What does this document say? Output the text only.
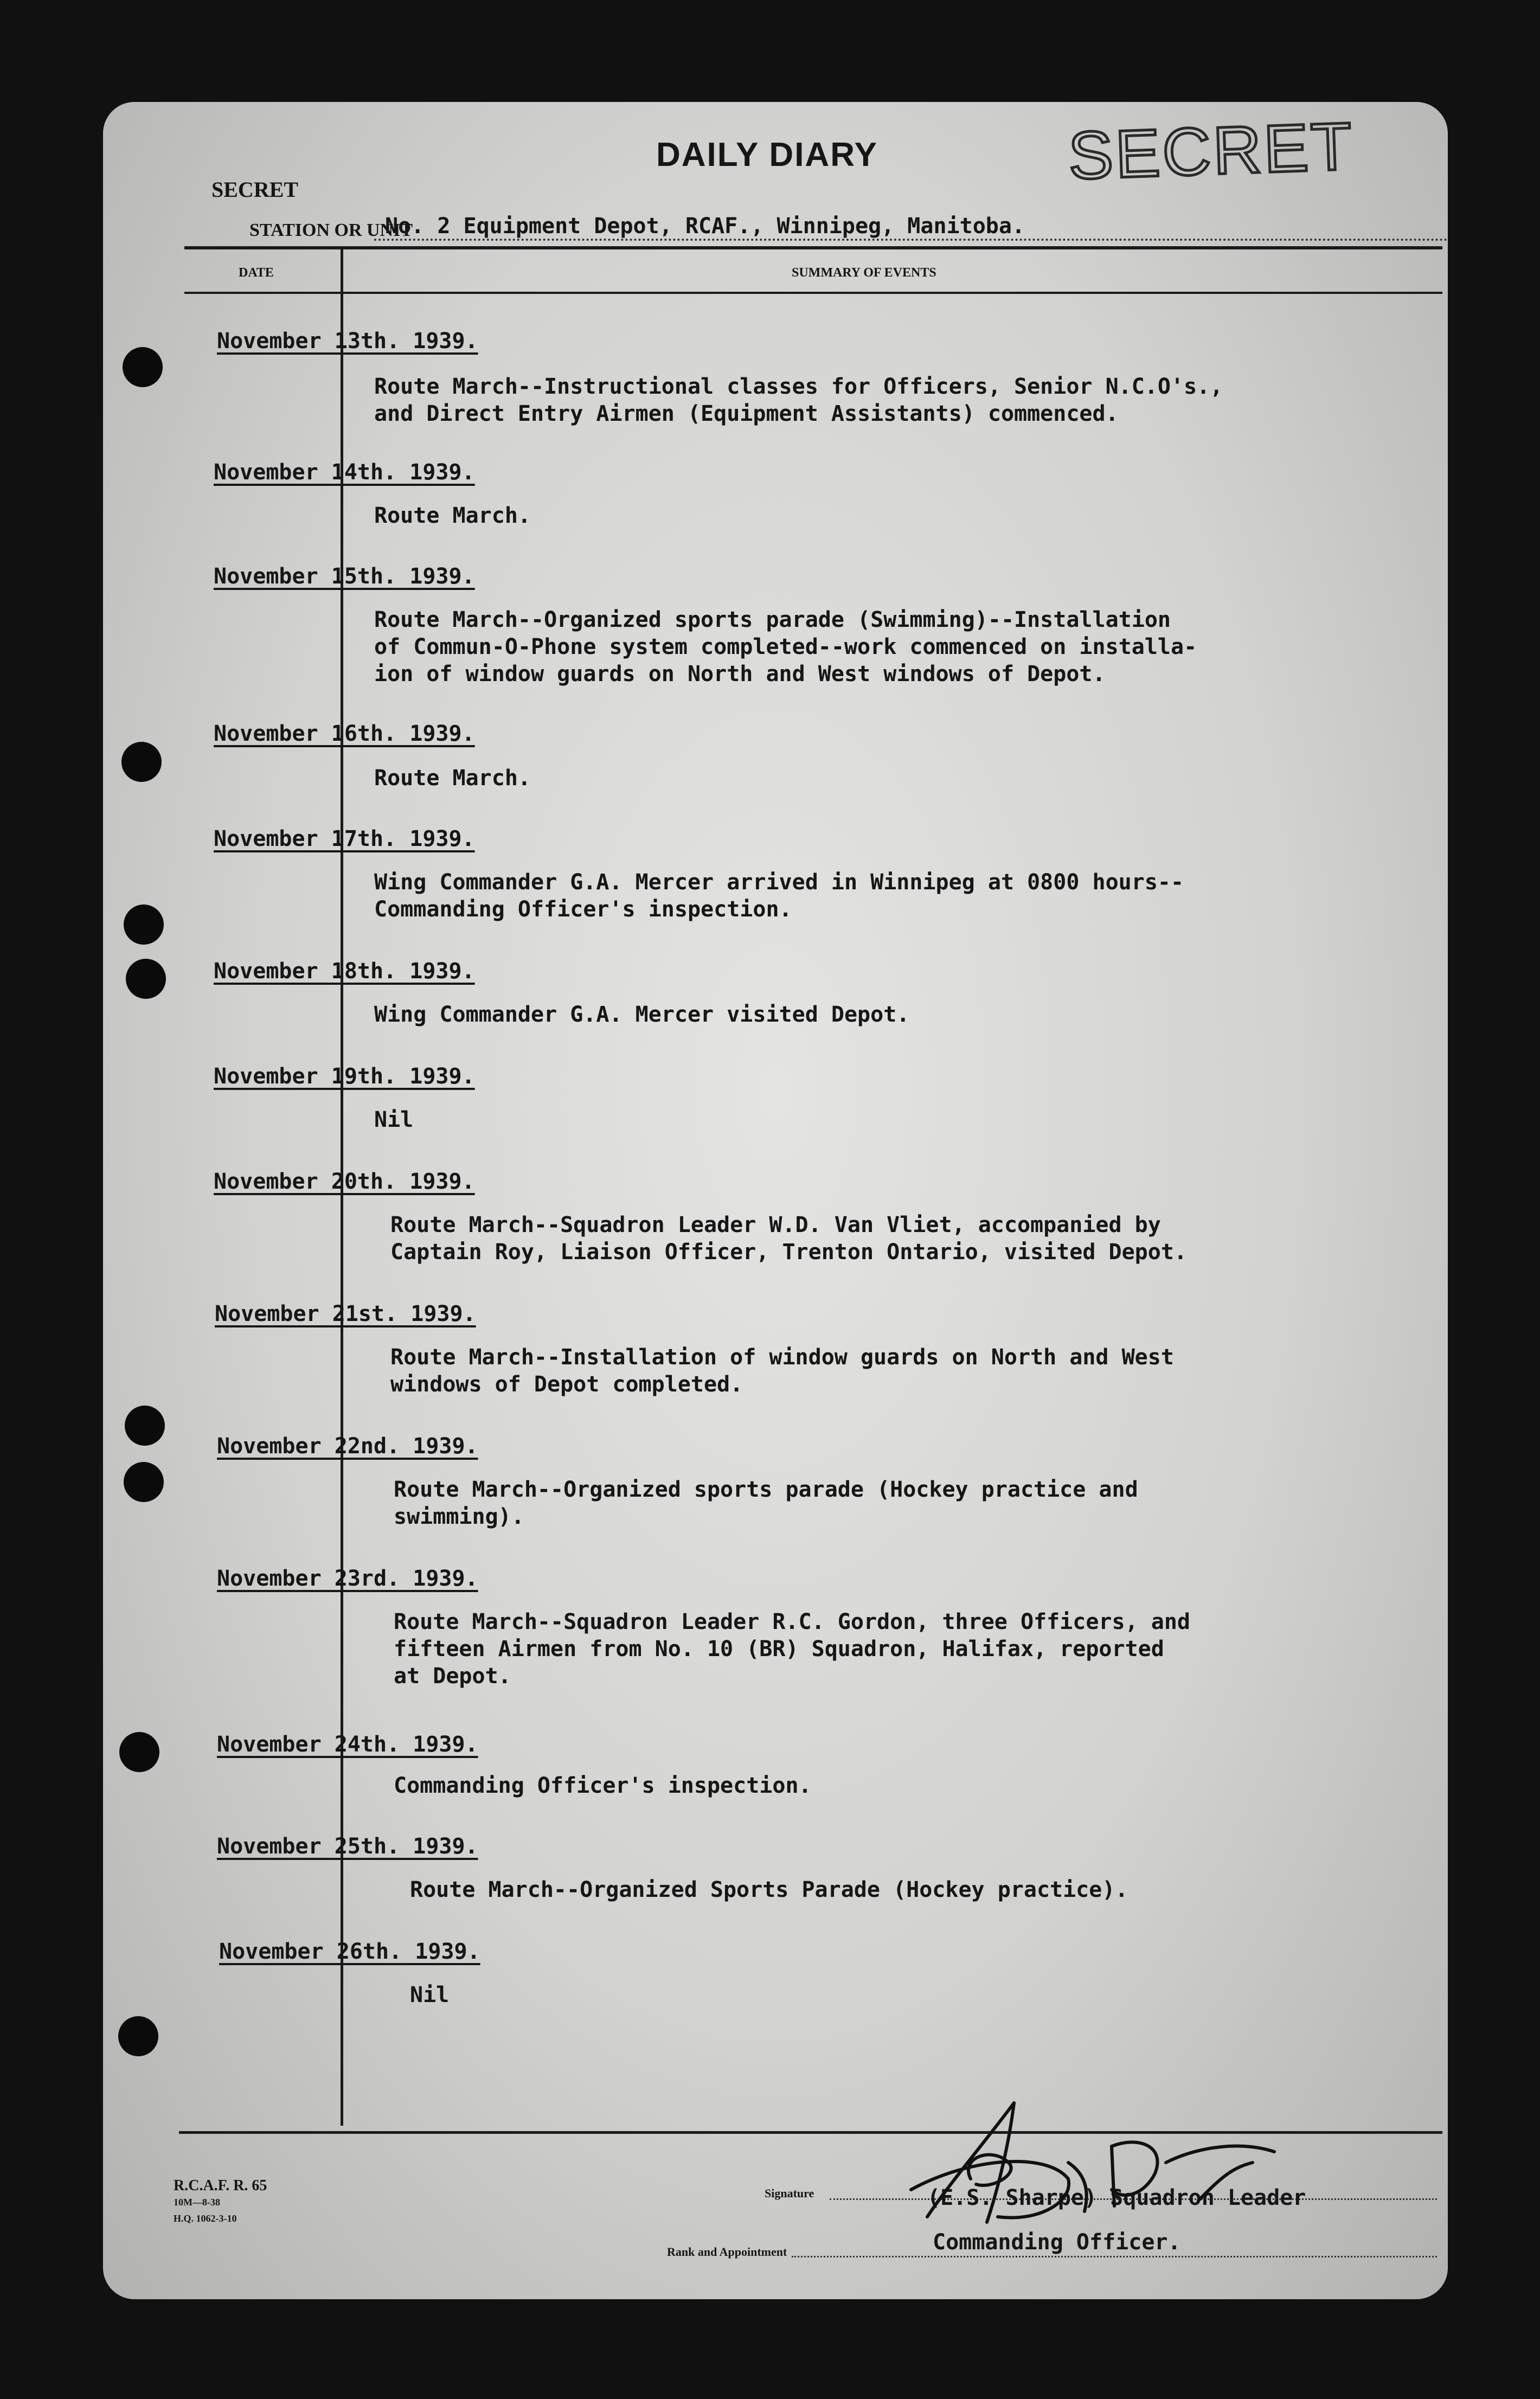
DAILY DIARY	SECRET
SECRET
STATION OR UNIT
No. 2 Equipment Depot, RCAF., Winnipeg, Manitoba.
DATE	SUMMARY OF EVENTS
November 13th. 1939.
Route March--Instructional classes for Officers, Senior N.C.O's.,
and Direct Entry Airmen (Equipment Assistants) commenced.
November 14th. 1939.
Route March.
November 15th. 1939.
Route March--Organized sports parade (Swimming)--Installation
of Commun-O-Phone system completed--work commenced on installa-
ion of window guards on North and West windows of Depot.
November 16th. 1939.
Route March.
November 17th. 1939.
Wing Commander G.A. Mercer arrived in Winnipeg at 0800 hours--
Commanding Officer's inspection.
November 18th. 1939.
Wing Commander G.A. Mercer visited Depot.
November 19th. 1939.
Nil
November 20th. 1939.
Route March--Squadron Leader W.D. Van Vliet, accompanied by
Captain Roy, Liaison Officer, Trenton Ontario, visited Depot.
November 21st. 1939.
Route March--Installation of window guards on North and West
windows of Depot completed.
November 22nd. 1939.
Route March--Organized sports parade (Hockey practice and
swimming).
November 23rd. 1939.
Route March--Squadron Leader R.C. Gordon, three Officers, and
fifteen Airmen from No. 10 (BR) Squadron, Halifax, reported
at Depot.
November 24th. 1939.
Commanding Officer's inspection.
November 25th. 1939.
Route March--Organized Sports Parade (Hockey practice).
November 26th. 1939.
Nil
R.C.A.F. R. 65
10M—8-38
H.Q. 1062-3-10
Signature
Rank and Appointment
(E.S. Sharpe) Squadron Leader
Commanding Officer.
